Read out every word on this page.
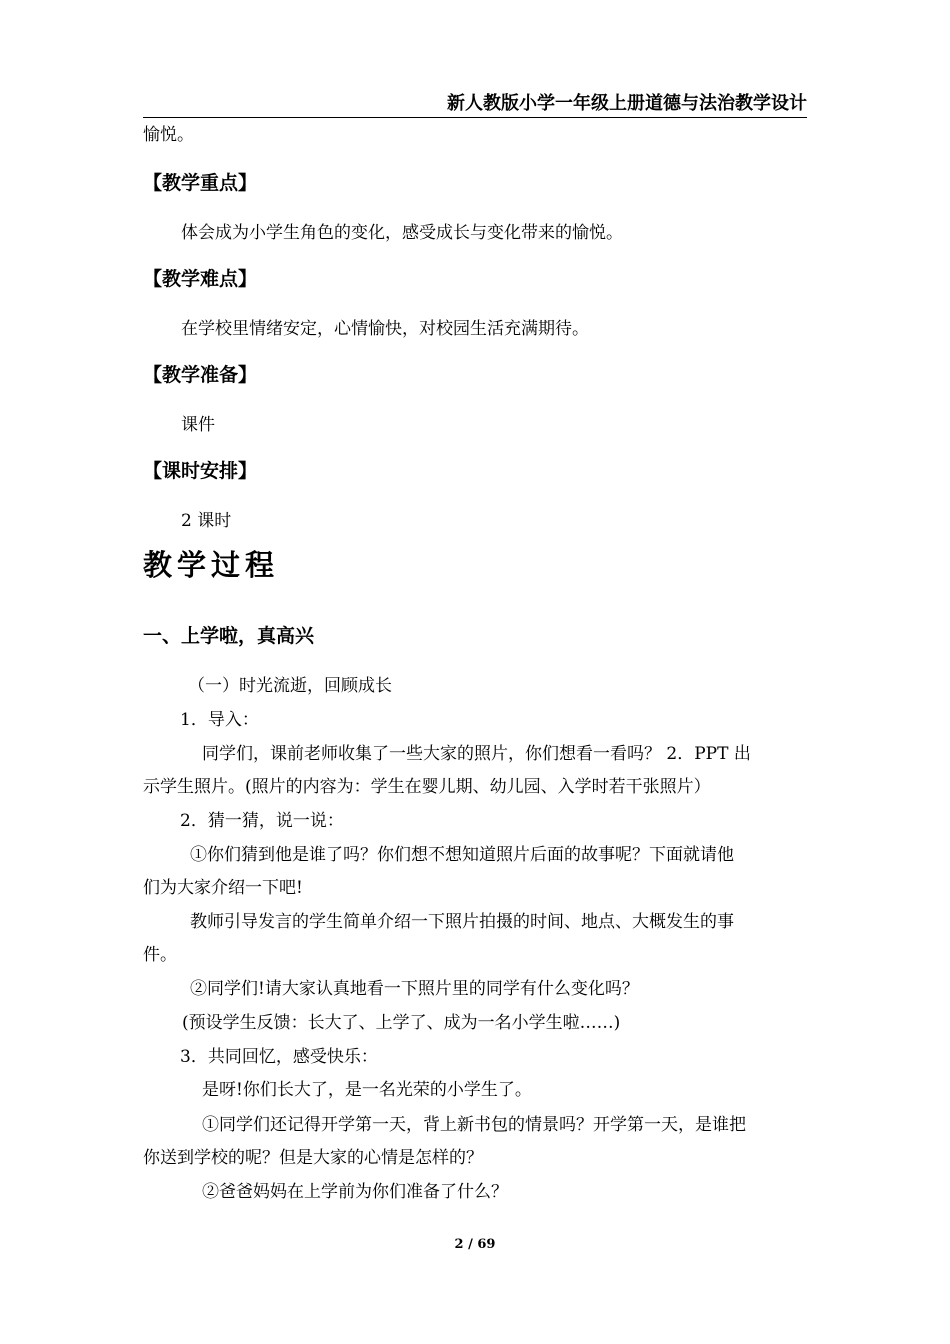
新人教版小学一年级上册道德与法治教学设计
愉悦。
【教学重点】
体会成为小学生角色的变化，感受成长与变化带来的愉悦。
【教学难点】
在学校里情绪安定，心情愉快，对校园生活充满期待。
【教学准备】
课件
【课时安排】
2 课时
教学过程
一、上学啦，真高兴
（一）时光流逝，回顾成长
1．导入：
同学们，课前老师收集了一些大家的照片，你们想看一看吗？ 2．PPT 出
示学生照片。(照片的内容为：学生在婴儿期、幼儿园、入学时若干张照片）
2．猜一猜，说一说：
①你们猜到他是谁了吗？你们想不想知道照片后面的故事呢？下面就请他
们为大家介绍一下吧!
教师引导发言的学生简单介绍一下照片拍摄的时间、地点、大概发生的事
件。
②同学们!请大家认真地看一下照片里的同学有什么变化吗？
(预设学生反馈：长大了、上学了、成为一名小学生啦……)
3．共同回忆，感受快乐：
是呀!你们长大了，是一名光荣的小学生了。
①同学们还记得开学第一天，背上新书包的情景吗？开学第一天，是谁把
你送到学校的呢？但是大家的心情是怎样的？
②爸爸妈妈在上学前为你们准备了什么？
2 / 69
